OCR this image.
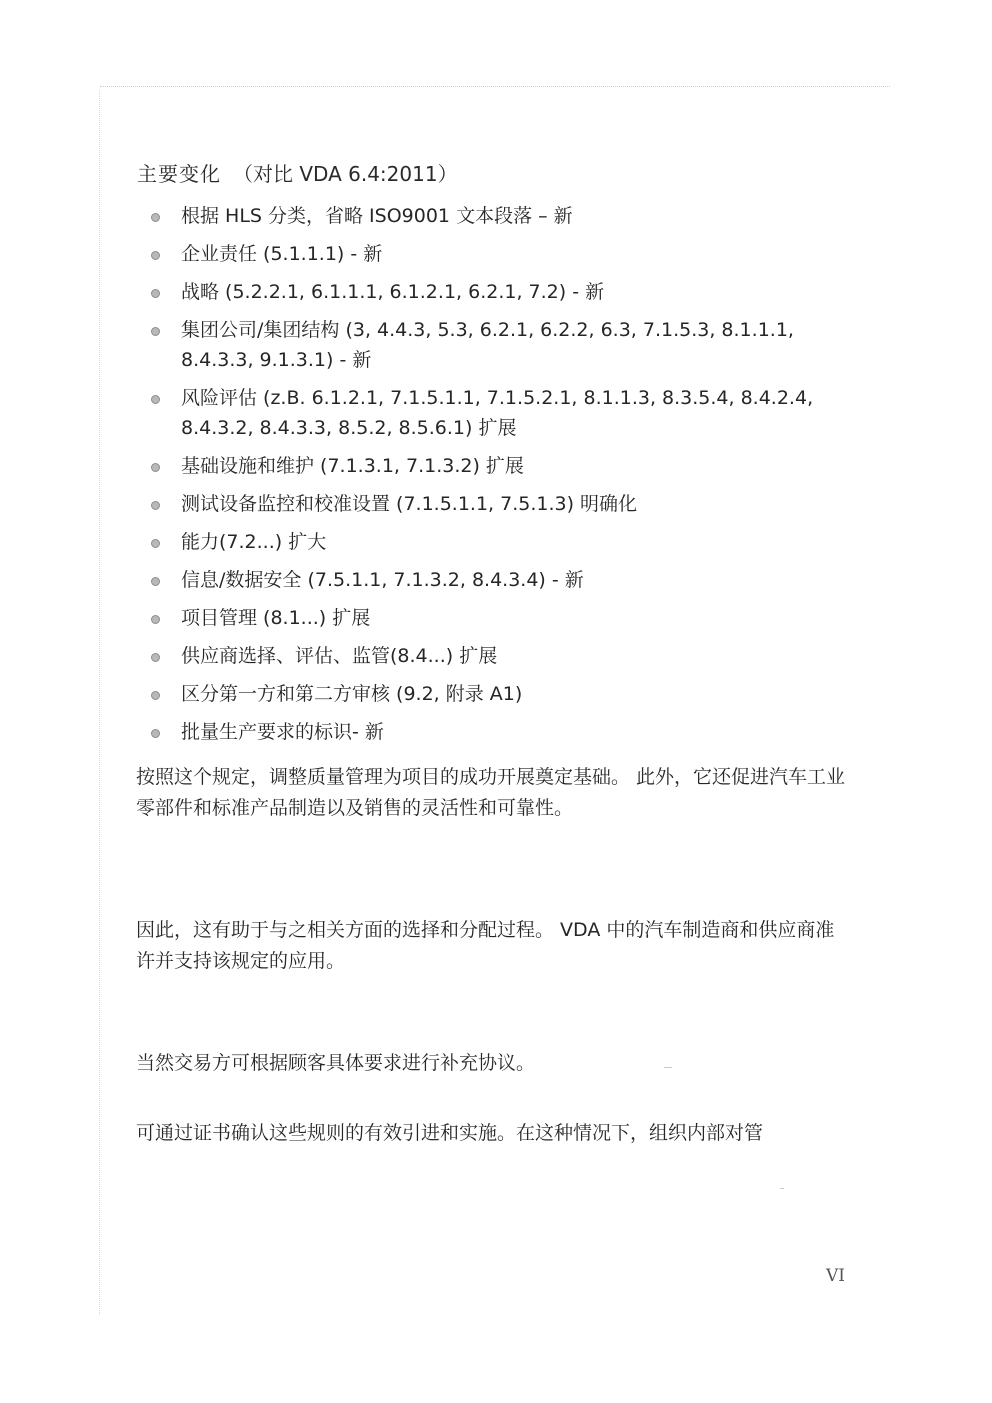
主要变化 （对比 VDA 6.4:2011）
根据 HLS 分类，省略 ISO9001 文本段落 – 新
企业责任 (5.1.1.1) - 新
战略 (5.2.2.1, 6.1.1.1, 6.1.2.1, 6.2.1, 7.2) - 新
集团公司/集团结构 (3, 4.4.3, 5.3, 6.2.1, 6.2.2, 6.3, 7.1.5.3, 8.1.1.1, 8.4.3.3, 9.1.3.1) - 新
风险评估 (z.B. 6.1.2.1, 7.1.5.1.1, 7.1.5.2.1, 8.1.1.3, 8.3.5.4, 8.4.2.4, 8.4.3.2, 8.4.3.3, 8.5.2, 8.5.6.1) 扩展
基础设施和维护 (7.1.3.1, 7.1.3.2) 扩展
测试设备监控和校准设置 (7.1.5.1.1, 7.5.1.3) 明确化
能力(7.2...) 扩大
信息/数据安全 (7.5.1.1, 7.1.3.2, 8.4.3.4) - 新
项目管理 (8.1...) 扩展
供应商选择、评估、监管(8.4...) 扩展
区分第一方和第二方审核 (9.2, 附录 A1)
批量生产要求的标识- 新

按照这个规定，调整质量管理为项目的成功开展奠定基础。 此外，它还促进汽车工业零部件和标准产品制造以及销售的灵活性和可靠性。

因此，这有助于与之相关方面的选择和分配过程。 VDA 中的汽车制造商和供应商准许并支持该规定的应用。

当然交易方可根据顾客具体要求进行补充协议。

可通过证书确认这些规则的有效引进和实施。在这种情况下，组织内部对管

VI
